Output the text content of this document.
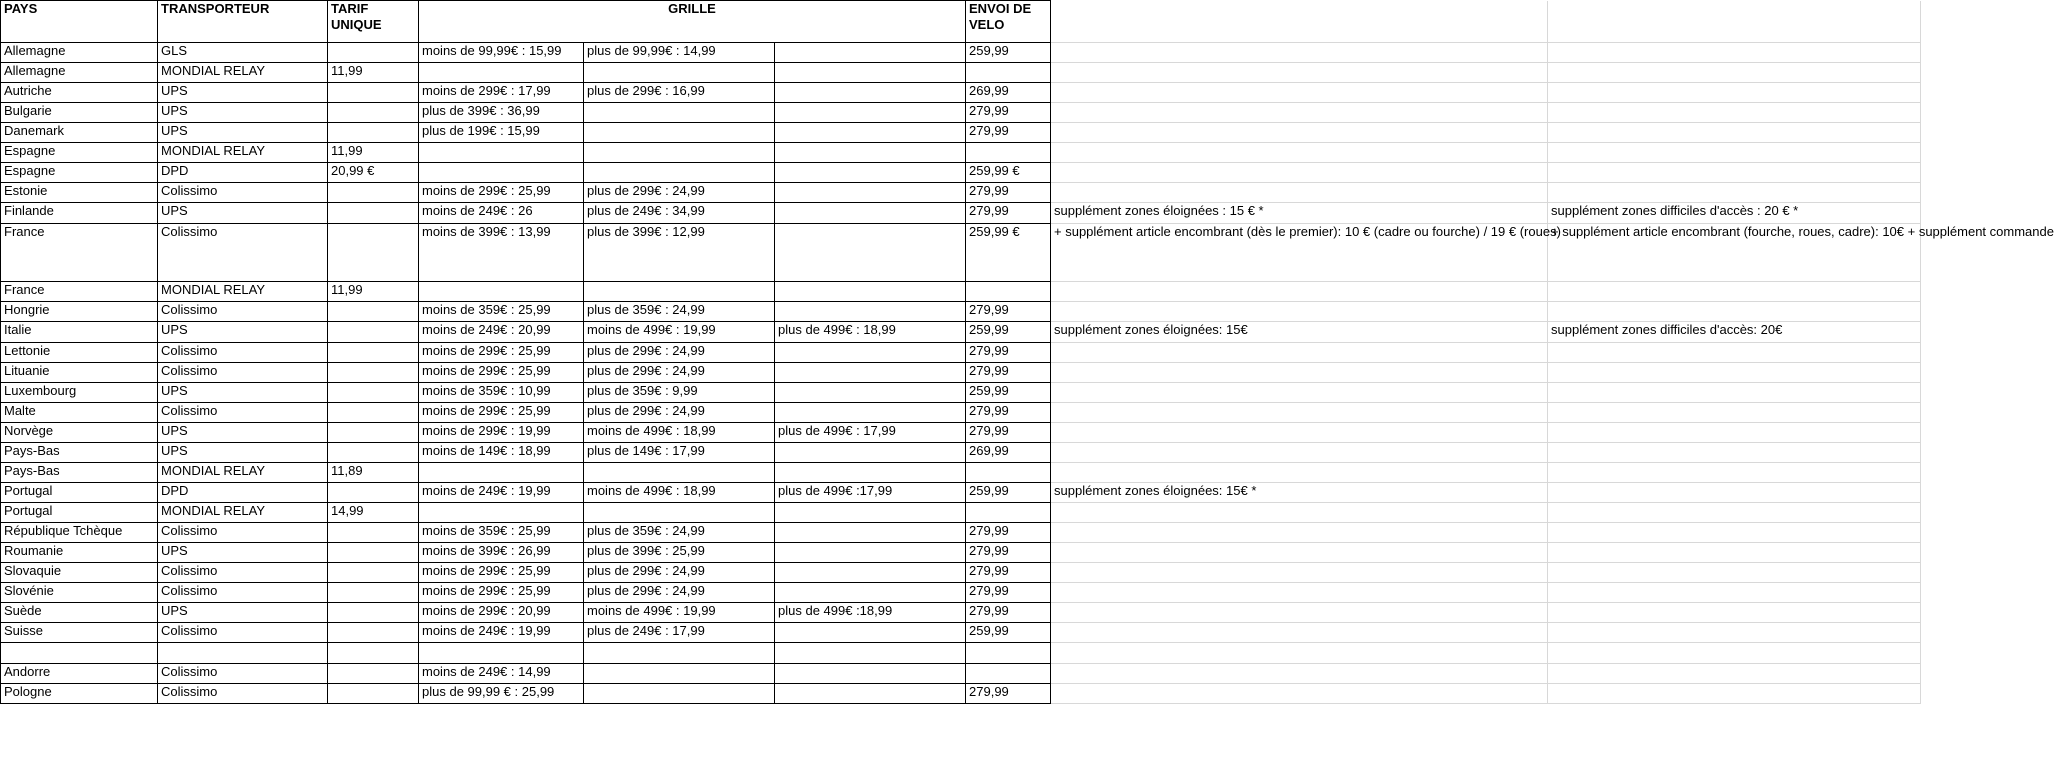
PAYS	TRANSPORTEUR	TARIF UNIQUE	GRILLE			ENVOI DE VELO		
Allemagne	GLS		moins de 99,99€ : 15,99	plus de 99,99€ : 14,99		259,99		
Allemagne	MONDIAL RELAY	11,99						
Autriche	UPS		moins de 299€ : 17,99	plus de 299€ : 16,99		269,99		
Bulgarie	UPS		plus de 399€ : 36,99			279,99		
Danemark	UPS		plus de 199€ : 15,99			279,99		
Espagne	MONDIAL RELAY	11,99						
Espagne	DPD	20,99 €				259,99 €		
Estonie	Colissimo		moins de 299€ : 25,99	plus de 299€ : 24,99		279,99		
Finlande	UPS		moins de 249€ : 26	plus de 249€ : 34,99		279,99	supplément zones éloignées : 15 € *	supplément zones difficiles d'accès : 20 € *
France	Colissimo		moins de 399€ : 13,99	plus de 399€ : 12,99		259,99 €	+ supplément article encombrant (dès le premier): 10 € (cadre ou fourche) / 19 € (roues)	+ supplément article encombrant (fourche, roues, cadre): 10€ + supplément commande
France	MONDIAL RELAY	11,99						
Hongrie	Colissimo		moins de 359€ : 25,99	plus de 359€ : 24,99		279,99		
Italie	UPS		moins de 249€ : 20,99	moins de 499€ : 19,99	plus de 499€ : 18,99	259,99	supplément zones éloignées: 15€	supplément zones difficiles d'accès: 20€
Lettonie	Colissimo		moins de 299€ : 25,99	plus de 299€ : 24,99		279,99		
Lituanie	Colissimo		moins de 299€ : 25,99	plus de 299€ : 24,99		279,99		
Luxembourg	UPS		moins de 359€ : 10,99	plus de 359€ : 9,99		259,99		
Malte	Colissimo		moins de 299€ : 25,99	plus de 299€ : 24,99		279,99		
Norvège	UPS		moins de 299€ : 19,99	moins de 499€ : 18,99	plus de 499€ : 17,99	279,99		
Pays-Bas	UPS		moins de 149€ : 18,99	plus de 149€ : 17,99		269,99		
Pays-Bas	MONDIAL RELAY	11,89						
Portugal	DPD		moins de 249€ : 19,99	moins de 499€ : 18,99	plus de 499€ :17,99	259,99	supplément zones éloignées: 15€ *	
Portugal	MONDIAL RELAY	14,99						
République Tchèque	Colissimo		moins de 359€ : 25,99	plus de 359€ : 24,99		279,99		
Roumanie	UPS		moins de 399€ : 26,99	plus de 399€ : 25,99		279,99		
Slovaquie	Colissimo		moins de 299€ : 25,99	plus de 299€ : 24,99		279,99		
Slovénie	Colissimo		moins de 299€ : 25,99	plus de 299€ : 24,99		279,99		
Suède	UPS		moins de 299€ : 20,99	moins de 499€ : 19,99	plus de 499€ :18,99	279,99		
Suisse	Colissimo		moins de 249€ : 19,99	plus de 249€ : 17,99		259,99		

Andorre	Colissimo		moins de 249€ : 14,99					
Pologne	Colissimo		plus de 99,99 € : 25,99			279,99		
